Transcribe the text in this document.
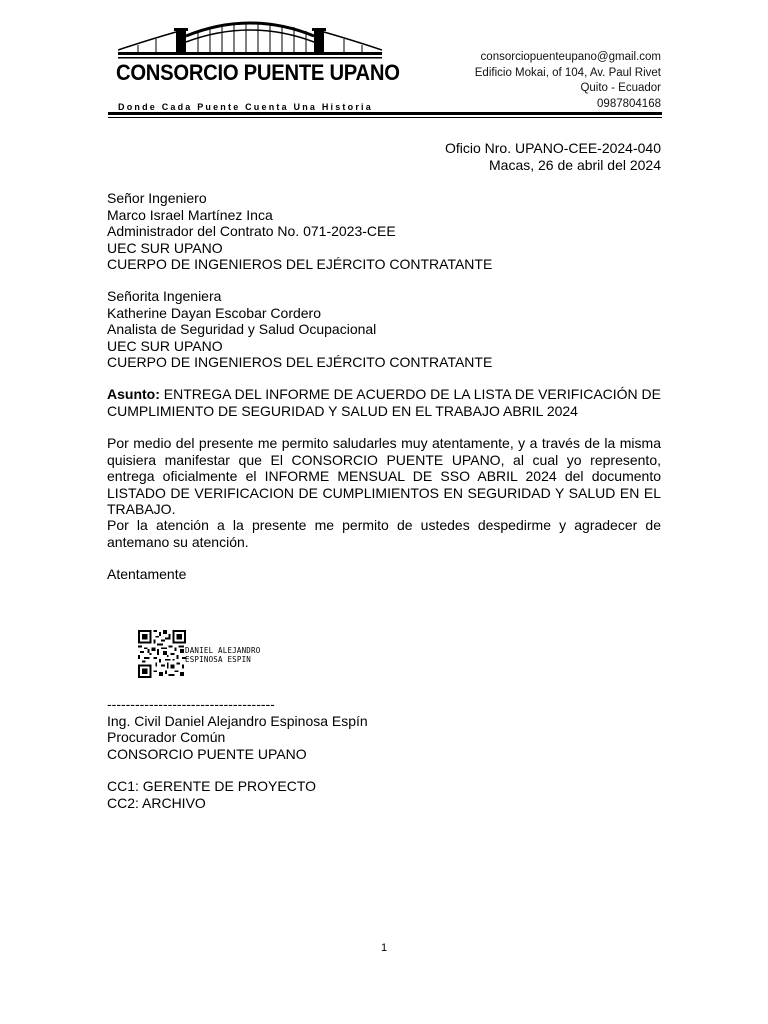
CONSORCIO PUENTE UPANO
Donde Cada Puente Cuenta Una Historia
consorciopuenteupano@gmail.com
Edificio Mokai, of 104, Av. Paul Rivet
Quito - Ecuador
0987804168
Oficio Nro. UPANO-CEE-2024-040
Macas, 26 de abril del 2024
Señor Ingeniero
Marco Israel Martínez Inca
Administrador del Contrato No. 071-2023-CEE
UEC SUR UPANO
CUERPO DE INGENIEROS DEL EJÉRCITO CONTRATANTE
Señorita Ingeniera
Katherine Dayan Escobar Cordero
Analista de Seguridad y Salud Ocupacional
UEC SUR UPANO
CUERPO DE INGENIEROS DEL EJÉRCITO CONTRATANTE
Asunto: ENTREGA DEL INFORME DE ACUERDO DE LA LISTA DE VERIFICACIÓN DE CUMPLIMIENTO DE SEGURIDAD Y SALUD EN EL TRABAJO ABRIL 2024
Por medio del presente me permito saludarles muy atentamente, y a través de la misma quisiera manifestar que El CONSORCIO PUENTE UPANO, al cual yo represento, entrega oficialmente el INFORME MENSUAL DE SSO ABRIL 2024 del documento LISTADO DE VERIFICACION DE CUMPLIMIENTOS EN SEGURIDAD Y SALUD EN EL TRABAJO.
Por la atención a la presente me permito de ustedes despedirme y agradecer de antemano su atención.
Atentamente
DANIEL ALEJANDRO
ESPINOSA ESPIN
------------------------------------
Ing. Civil Daniel Alejandro Espinosa Espín
Procurador Común
CONSORCIO PUENTE UPANO
CC1: GERENTE DE PROYECTO
CC2: ARCHIVO
1
